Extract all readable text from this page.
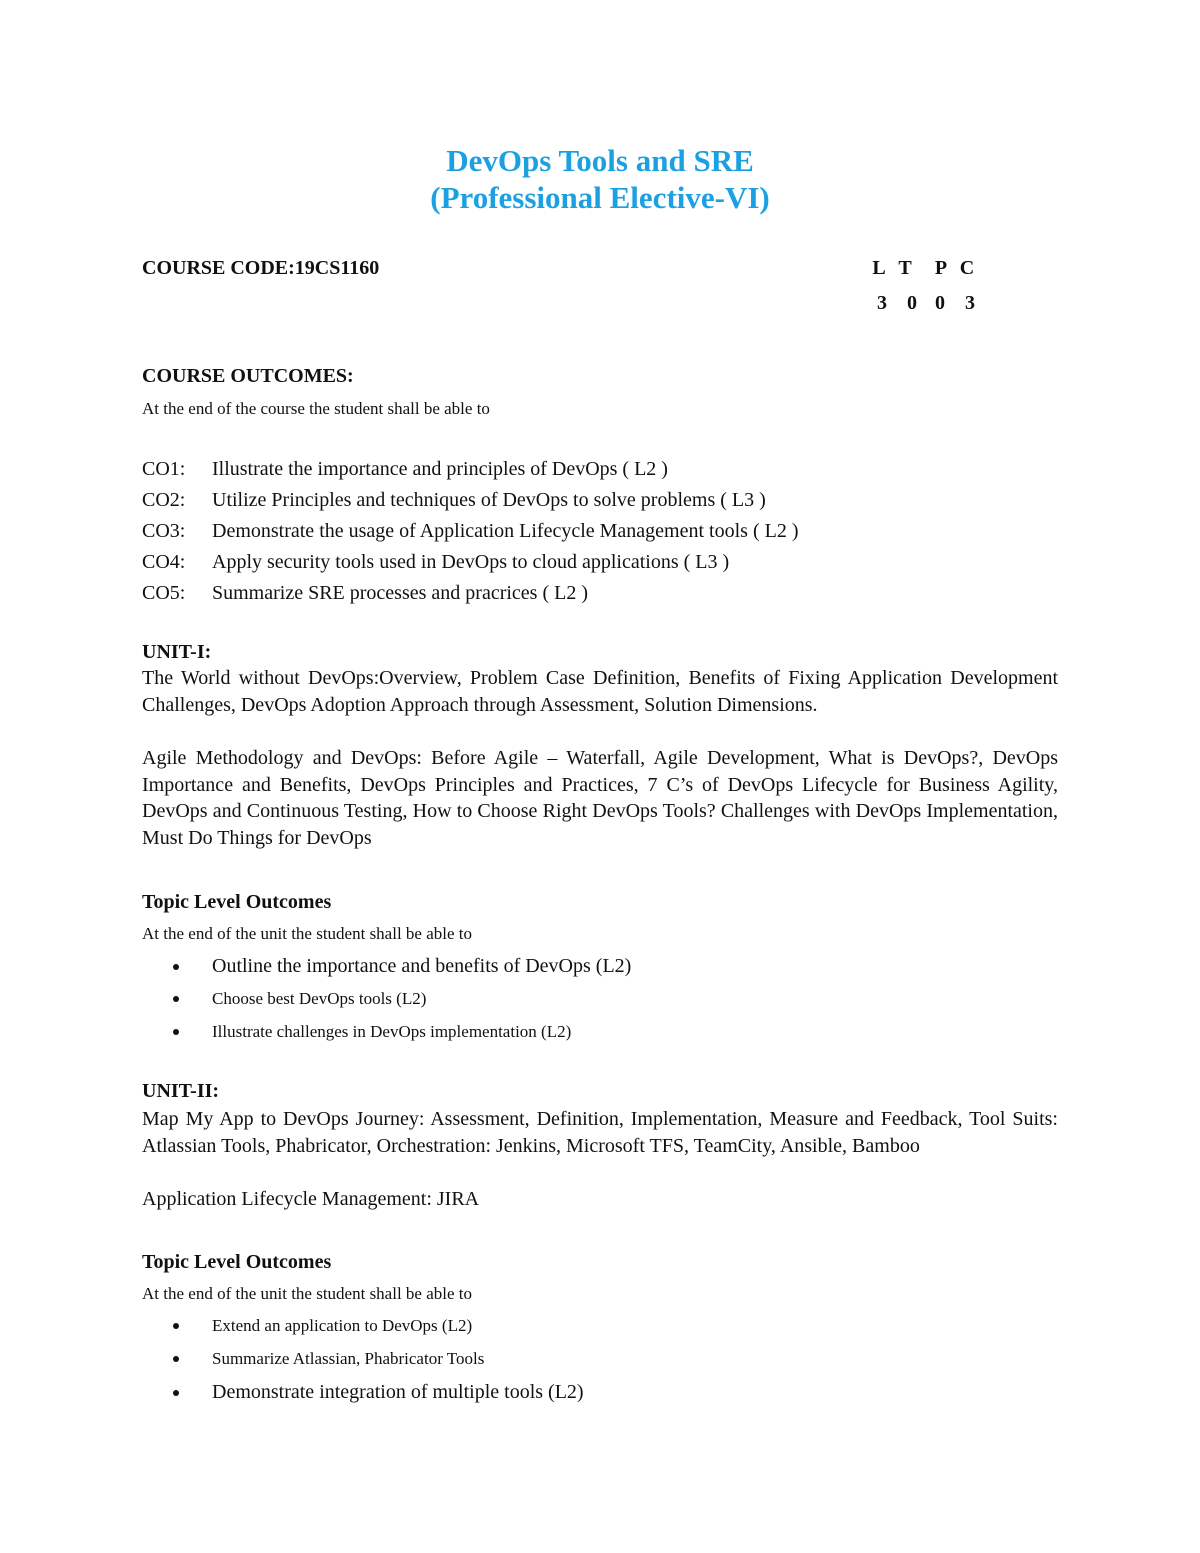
DevOps Tools and SRE
(Professional Elective-VI)

COURSE CODE:19CS1160	L T P C
3 0 0 3

COURSE OUTCOMES:

At the end of the course the student shall be able to

CO1: Illustrate the importance and principles of DevOps ( L2 )

CO2: Utilize Principles and techniques of DevOps to solve problems ( L3 )

CO3: Demonstrate the usage of Application Lifecycle Management tools ( L2 )

CO4: Apply security tools used in DevOps to cloud applications ( L3 )

CO5: Summarize SRE processes and pracrices ( L2 )

UNIT-I:

The World without DevOps:Overview, Problem Case Definition, Benefits of Fixing Application Development Challenges, DevOps Adoption Approach through Assessment, Solution Dimensions.

Agile Methodology and DevOps: Before Agile – Waterfall, Agile Development, What is DevOps?, DevOps Importance and Benefits, DevOps Principles and Practices, 7 C’s of DevOps Lifecycle for Business Agility, DevOps and Continuous Testing, How to Choose Right DevOps Tools? Challenges with DevOps Implementation, Must Do Things for DevOps

Topic Level Outcomes

At the end of the unit the student shall be able to

Outline the importance and benefits of DevOps (L2)
Choose best DevOps tools (L2)
Illustrate challenges in DevOps implementation (L2)

UNIT-II:

Map My App to DevOps Journey: Assessment, Definition, Implementation, Measure and Feedback, Tool Suits: Atlassian Tools, Phabricator, Orchestration: Jenkins, Microsoft TFS, TeamCity, Ansible, Bamboo

Application Lifecycle Management: JIRA

Topic Level Outcomes

At the end of the unit the student shall be able to

Extend an application to DevOps (L2)
Summarize Atlassian, Phabricator Tools
Demonstrate integration of multiple tools (L2)
